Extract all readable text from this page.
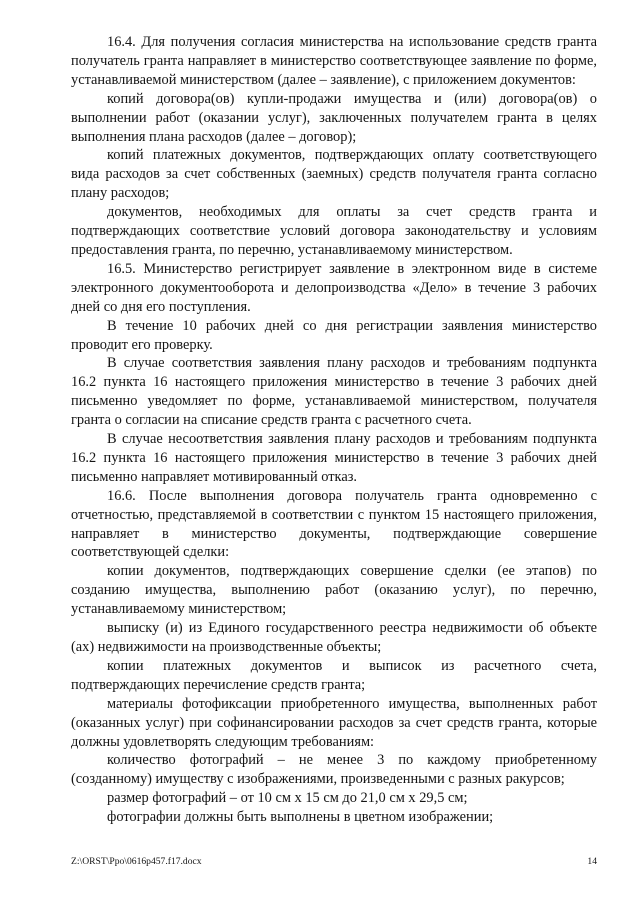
16.4. Для получения согласия министерства на использование средств гранта получатель гранта направляет в министерство соответствующее заявление по форме, устанавливаемой министерством (далее – заявление), с приложением документов:

копий договора(ов) купли-продажи имущества и (или) договора(ов) о выполнении работ (оказании услуг), заключенных получателем гранта в целях выполнения плана расходов (далее – договор);

копий платежных документов, подтверждающих оплату соответствующего вида расходов за счет собственных (заемных) средств получателя гранта согласно плану расходов;

документов, необходимых для оплаты за счет средств гранта и подтверждающих соответствие условий договора законодательству и условиям предоставления гранта, по перечню, устанавливаемому министерством.

16.5. Министерство регистрирует заявление в электронном виде в системе электронного документооборота и делопроизводства «Дело» в течение 3 рабочих дней со дня его поступления.

В течение 10 рабочих дней со дня регистрации заявления министерство проводит его проверку.

В случае соответствия заявления плану расходов и требованиям подпункта 16.2 пункта 16 настоящего приложения министерство в течение 3 рабочих дней письменно уведомляет по форме, устанавливаемой министерством, получателя гранта о согласии на списание средств гранта с расчетного счета.

В случае несоответствия заявления плану расходов и требованиям подпункта 16.2 пункта 16 настоящего приложения министерство в течение 3 рабочих дней письменно направляет мотивированный отказ.

16.6. После выполнения договора получатель гранта одновременно с отчетностью, представляемой в соответствии с пунктом 15 настоящего приложения, направляет в министерство документы, подтверждающие совершение соответствующей сделки:

копии документов, подтверждающих совершение сделки (ее этапов) по созданию имущества, выполнению работ (оказанию услуг), по перечню, устанавливаемому министерством;

выписку (и) из Единого государственного реестра недвижимости об объекте (ах) недвижимости на производственные объекты;

копии платежных документов и выписок из расчетного счета, подтверждающих перечисление средств гранта;

материалы фотофиксации приобретенного имущества, выполненных работ (оказанных услуг) при софинансировании расходов за счет средств гранта, которые должны удовлетворять следующим требованиям:

количество фотографий – не менее 3 по каждому приобретенному (созданному) имуществу с изображениями, произведенными с разных ракурсов;

размер фотографий – от 10 см х 15 см до 21,0 см х 29,5 см;

фотографии должны быть выполнены в цветном изображении;

Z:\ORST\Ppo\0616p457.f17.docx	14
